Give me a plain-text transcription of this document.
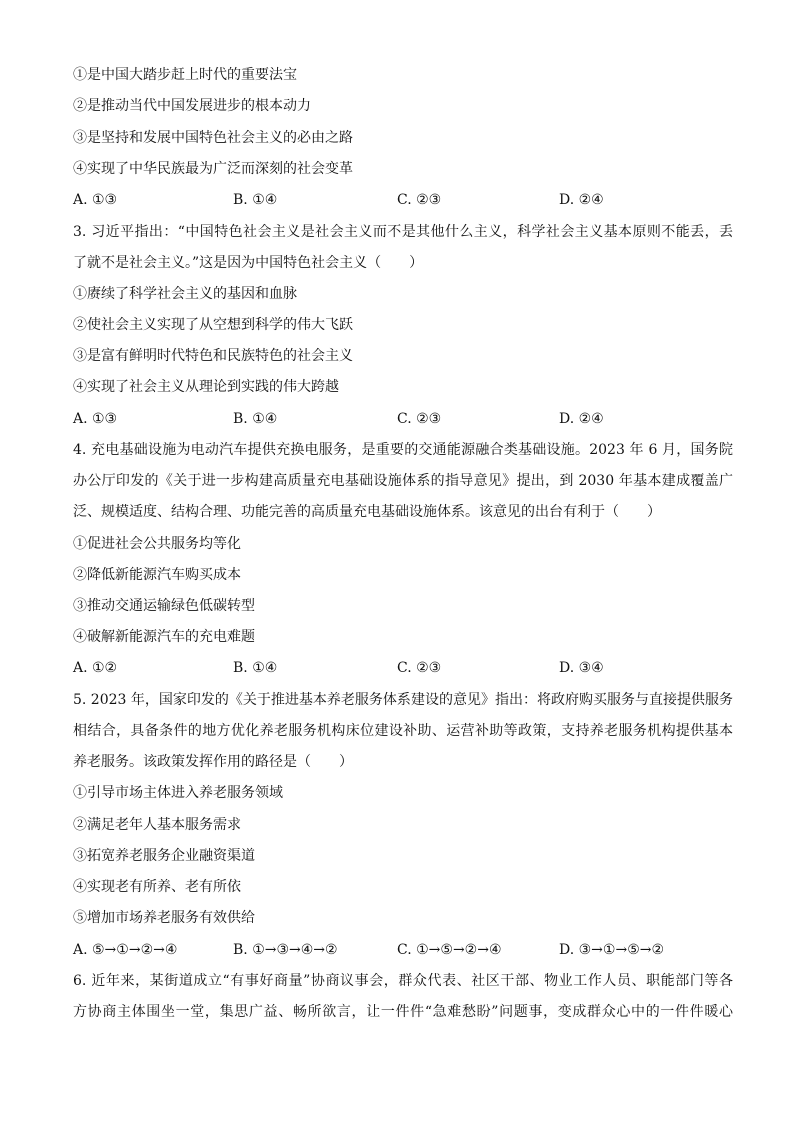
①是中国大踏步赶上时代的重要法宝
②是推动当代中国发展进步的根本动力
③是坚持和发展中国特色社会主义的必由之路
④实现了中华民族最为广泛而深刻的社会变革
A. ①③	B. ①④	C. ②③	D. ②④
3. 习近平指出：“中国特色社会主义是社会主义而不是其他什么主义，科学社会主义基本原则不能丢，丢
了就不是社会主义。”这是因为中国特色社会主义（　　）
①赓续了科学社会主义的基因和血脉
②使社会主义实现了从空想到科学的伟大飞跃
③是富有鲜明时代特色和民族特色的社会主义
④实现了社会主义从理论到实践的伟大跨越
A. ①③	B. ①④	C. ②③	D. ②④
4. 充电基础设施为电动汽车提供充换电服务，是重要的交通能源融合类基础设施。2023 年 6 月，国务院
办公厅印发的《关于进一步构建高质量充电基础设施体系的指导意见》提出，到 2030 年基本建成覆盖广
泛、规模适度、结构合理、功能完善的高质量充电基础设施体系。该意见的出台有利于（　　）
①促进社会公共服务均等化
②降低新能源汽车购买成本
③推动交通运输绿色低碳转型
④破解新能源汽车的充电难题
A. ①②	B. ①④	C. ②③	D. ③④
5. 2023 年，国家印发的《关于推进基本养老服务体系建设的意见》指出：将政府购买服务与直接提供服务
相结合，具备条件的地方优化养老服务机构床位建设补助、运营补助等政策，支持养老服务机构提供基本
养老服务。该政策发挥作用的路径是（　　）
①引导市场主体进入养老服务领域
②满足老年人基本服务需求
③拓宽养老服务企业融资渠道
④实现老有所养、老有所依
⑤增加市场养老服务有效供给
A. ⑤→①→②→④	B. ①→③→④→②	C. ①→⑤→②→④	D. ③→①→⑤→②
6. 近年来，某街道成立“有事好商量”协商议事会，群众代表、社区干部、物业工作人员、职能部门等各
方协商主体围坐一堂，集思广益、畅所欲言，让一件件“急难愁盼”问题事，变成群众心中的一件件暖心
